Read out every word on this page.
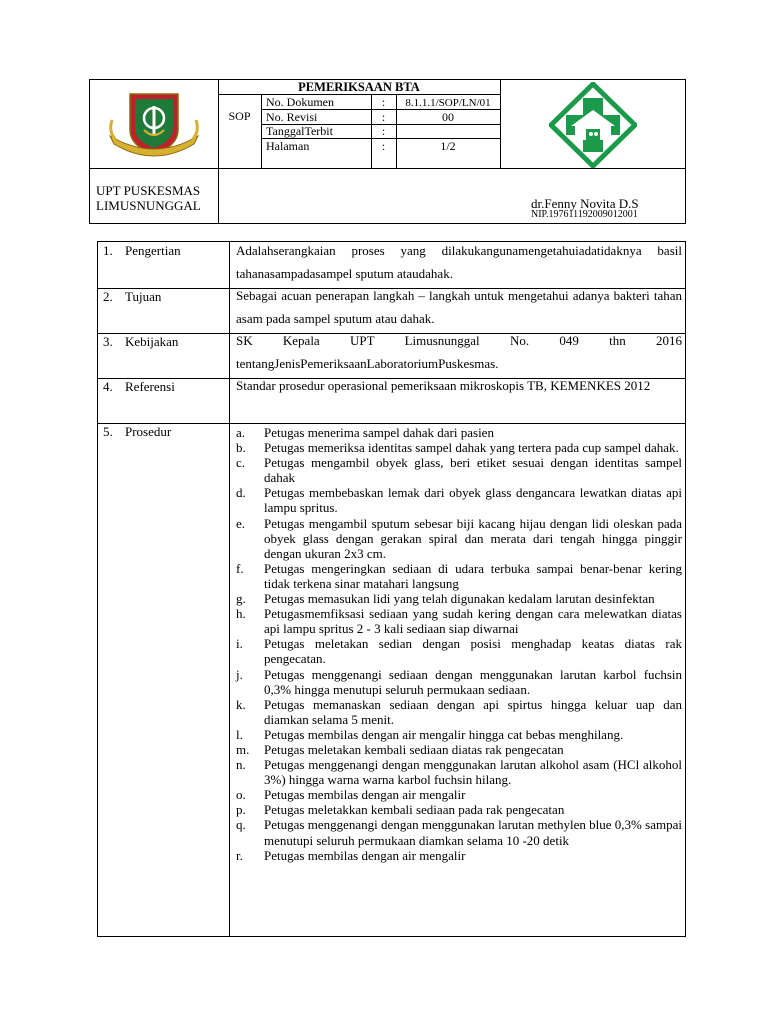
PEMERIKSAAN BTA
SOP
No. Dokumen	:	8.1.1.1/SOP/LN/01
No. Revisi	:	00
TanggalTerbit	:
Halaman	:	1/2
UPT PUSKESMAS
LIMUSNUNGGAL	dr.Fenny Novita D.S
NIP.197611192009012001
1. Pengertian	Adalahserangkaian proses yang dilakukangunamengetahuiadatidaknya basil tahanasampadasampel sputum ataudahak.
2. Tujuan	Sebagai acuan penerapan langkah – langkah untuk mengetahui adanya bakteri tahan asam pada sampel sputum atau dahak.
3. Kebijakan	SK Kepala UPT Limusnunggal No. 049 thn 2016 tentangJenisPemeriksaanLaboratoriumPuskesmas.
4. Referensi	Standar prosedur operasional pemeriksaan mikroskopis TB, KEMENKES 2012
5. Prosedur	a. Petugas menerima sampel dahak dari pasien
b. Petugas memeriksa identitas sampel dahak yang tertera pada cup sampel dahak.
c. Petugas mengambil obyek glass, beri etiket sesuai dengan identitas sampel dahak
d. Petugas membebaskan lemak dari obyek glass dengancara lewatkan diatas api lampu spritus.
e. Petugas mengambil sputum sebesar biji kacang hijau dengan lidi oleskan pada obyek glass dengan gerakan spiral dan merata dari tengah hingga pinggir dengan ukuran 2x3 cm.
f. Petugas mengeringkan sediaan di udara terbuka sampai benar-benar kering tidak terkena sinar matahari langsung
g. Petugas memasukan lidi yang telah digunakan kedalam larutan desinfektan
h. Petugasmemfiksasi sediaan yang sudah kering dengan cara melewatkan diatas api lampu spritus 2 - 3 kali sediaan siap diwarnai
i. Petugas meletakan sedian dengan posisi menghadap keatas diatas rak pengecatan.
j. Petugas menggenangi sediaan dengan menggunakan larutan karbol fuchsin 0,3% hingga menutupi seluruh permukaan sediaan.
k. Petugas memanaskan sediaan dengan api spirtus hingga keluar uap dan diamkan selama 5 menit.
l. Petugas membilas dengan air mengalir hingga cat bebas menghilang.
m. Petugas meletakan kembali sediaan diatas rak pengecatan
n. Petugas menggenangi dengan menggunakan larutan alkohol asam (HCl alkohol 3%) hingga warna warna karbol fuchsin hilang.
o. Petugas membilas dengan air mengalir
p. Petugas meletakkan kembali sediaan pada rak pengecatan
q. Petugas menggenangi dengan menggunakan larutan methylen blue 0,3% sampai menutupi seluruh permukaan diamkan selama 10 -20 detik
r. Petugas membilas dengan air mengalir
